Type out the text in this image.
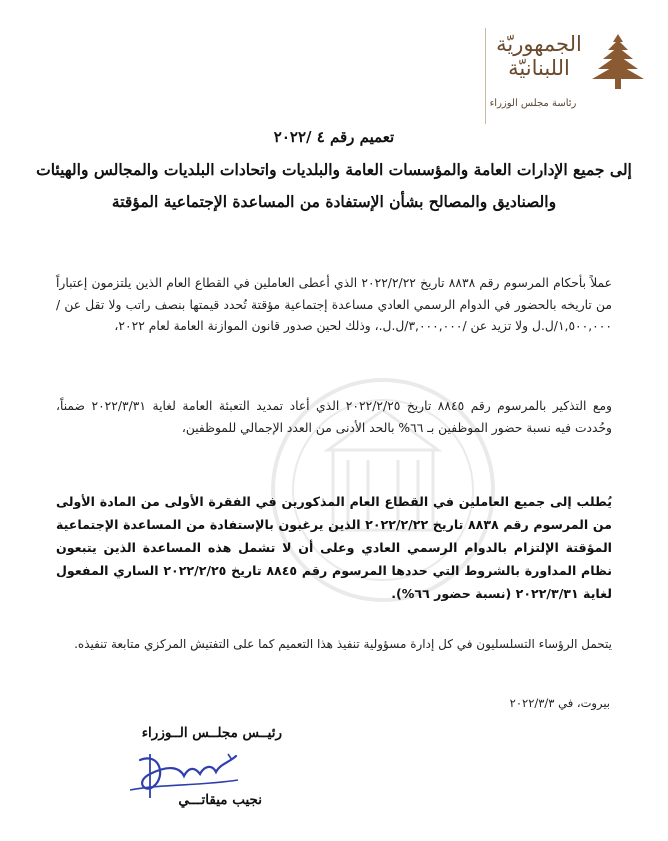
الجمهوريّة
اللبنانيّة
رئاسة مجلس الوزراء
تعميم رقم ٤ /٢٠٢٢
إلى جميع الإدارات العامة والمؤسسات العامة والبلديات واتحادات البلديات والمجالس والهيئات
والصناديق والمصالح بشأن الإستفادة من المساعدة الإجتماعية المؤقتة
عملاً بأحكام المرسوم رقم ٨٨٣٨ تاريخ ٢٠٢٢/٢/٢٢ الذي أعطى العاملين في القطاع العام الذين يلتزمون إعتباراً من تاريخه بالحضور في الدوام الرسمي العادي مساعدة إجتماعية مؤقتة تُحدد قيمتها بنصف راتب ولا تقل عن /١,٥٠٠,٠٠٠/ل.ل ولا تزيد عن /٣,٠٠٠,٠٠٠/ل.ل.، وذلك لحين صدور قانون الموازنة العامة لعام ٢٠٢٢،
ومع التذكير بالمرسوم رقم ٨٨٤٥ تاريخ ٢٠٢٢/٢/٢٥ الذي أعاد تمديد التعبئة العامة لغاية ٢٠٢٢/٣/٣١ ضمناً، وحُددت فيه نسبة حضور الموظفين بـ ٦٦% بالحد الأدنى من العدد الإجمالي للموظفين،
يُطلب إلى جميع العاملين في القطاع العام المذكورين في الفقرة الأولى من المادة الأولى من المرسوم رقم ٨٨٣٨ تاريخ ٢٠٢٢/٢/٢٢ الذين يرغبون بالإستفادة من المساعدة الإجتماعية المؤقتة الإلتزام بالدوام الرسمي العادي وعلى أن لا تشمل هذه المساعدة الذين يتبعون نظام المداورة بالشروط التي حددها المرسوم رقم ٨٨٤٥ تاريخ ٢٠٢٢/٢/٢٥ الساري المفعول لغاية ٢٠٢٢/٣/٣١ (نسبة حضور ٦٦%).
يتحمل الرؤساء التسلسليون في كل إدارة مسؤولية تنفيذ هذا التعميم كما على التفتيش المركزي متابعة تنفيذه.
بيروت، في ٢٠٢٢/٣/٣
رئيــس مجلــس الــوزراء
نجيب ميقاتـــي
